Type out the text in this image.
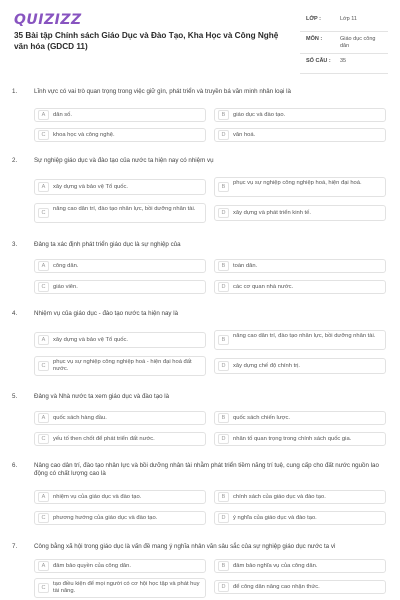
QUIZIZZ
35 Bài tập Chính sách Giáo Dục và Đào Tạo, Kha Học và Công Nghệ văn hóa (GDCD 11)
LỚP :	Lớp 11
MÔN :	Giáo dục công dân
SỐ CÂU : 35
1.	Lĩnh vực có vai trò quan trọng trong việc giữ gìn, phát triển và truyền bá văn minh nhân loại là
A	dân số.	B	giáo dục và đào tạo.
C	khoa học và công nghệ.	D	văn hoá.
2.	Sự nghiệp giáo dục và đào tạo của nước ta hiện nay có nhiệm vụ
A	xây dựng và bảo vệ Tổ quốc.	B
phục vụ sự nghiệp công nghiệp hoá, hiện đại hoá.
C
nâng cao dân trí, đào tạo nhân lực, bồi dưỡng nhân tài.
D	xây dựng và phát triển kinh tế.
3.	Đảng ta xác định phát triển giáo dục là sự nghiệp của
A	công dân.	B	toàn dân.
C	giáo viên.	D	các cơ quan nhà nước.
4.	Nhiệm vụ của giáo dục - đào tạo nước ta hiện nay là
A	xây dựng và bảo vệ Tổ quốc.	B
nâng cao dân trí, đào tạo nhân lực, bồi dưỡng nhân tài.
C
phục vụ sự nghiệp công nghiệp hoá - hiện đại hoá đất nước.	D	xây dựng chế độ chính trị.
5.	Đảng và Nhà nước ta xem giáo dục và đào tạo là
A	quốc sách hàng đầu.	B	quốc sách chiến lược.
C	yếu tố then chốt để phát triển đất nước.	D	nhân tố quan trọng trong chính sách quốc gia.
6.	Nâng cao dân trí, đào tạo nhân lực và bồi dưỡng nhân tài nhằm phát triển tiềm năng trí tuệ, cung cấp cho đất nước nguồn lao động có chất lượng cao là
A	nhiệm vụ của giáo dục và đào tạo.	B	chính sách của giáo dục và đào tạo.
C	phương hướng của giáo dục và đào tạo.	D	ý nghĩa của giáo dục và đào tạo.
7.	Công bằng xã hội trong giáo dục là vấn đề mang ý nghĩa nhân văn sâu sắc của sự nghiệp giáo dục nước ta vì
A	đảm bảo quyền của công dân.	B	đảm bảo nghĩa vụ của công dân.
C
tạo điều kiện để mọi người có cơ hội học tập và phát huy tài năng.
D	để công dân nâng cao nhận thức.
